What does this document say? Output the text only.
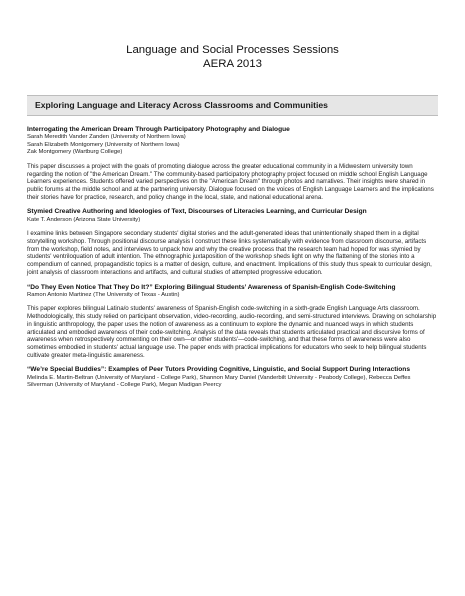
Language and Social Processes Sessions

AERA 2013

Exploring Language and Literacy Across Classrooms and Communities

Interrogating the American Dream Through Participatory Photography and Dialogue

Sarah Meredith Vander Zanden (University of Northern Iowa)

Sarah Elizabeth Montgomery (University of Northern Iowa)

Zak Montgomery (Wartburg College)

This paper discusses a project with the goals of promoting dialogue across the greater educational community in a Midwestern university town regarding the notion of "the American Dream." The community-based participatory photography project focused on middle school English Language Learners experiences. Students offered varied perspectives on the "American Dream" through photos and narratives. Their insights were shared in public forums at the middle school and at the partnering university. Dialogue focused on the voices of English Language Learners and the implications their stories have for practice, research, and policy change in the local, state, and national educational arena.

Stymied Creative Authoring and Ideologies of Text, Discourses of Literacies Learning, and Curricular Design

Kate T. Anderson (Arizona State University)

I examine links between Singapore secondary students' digital stories and the adult-generated ideas that unintentionally shaped them in a digital storytelling workshop. Through positional discourse analysis I construct these links systematically with evidence from classroom discourse, artifacts from the workshop, field notes, and interviews to unpack how and why the creative process that the research team had hoped for was stymied by students' ventriloquation of adult intention. The ethnographic juxtaposition of the workshop sheds light on why the flattening of the stories into a compendium of canned, propagandistic topics is a matter of design, culture, and enactment. Implications of this study thus speak to curricular design, joint analysis of classroom interactions and artifacts, and cultural studies of attempted progressive education.

“Do They Even Notice That They Do It?” Exploring Bilingual Students’ Awareness of Spanish-English Code-Switching

Ramon Antonio Martinez (The University of Texas - Austin)

This paper explores bilingual Latina/o students' awareness of Spanish-English code-switching in a sixth-grade English Language Arts classroom. Methodologically, this study relied on participant observation, video-recording, audio-recording, and semi-structured interviews. Drawing on scholarship in linguistic anthropology, the paper uses the notion of awareness as a continuum to explore the dynamic and nuanced ways in which students articulated and embodied awareness of their code-switching. Analysis of the data reveals that students articulated practical and discursive forms of awareness when retrospectively commenting on their own—or other students'—code-switching, and that these forms of awareness were also sometimes embodied in students' actual language use. The paper ends with practical implications for educators who seek to help bilingual students cultivate greater meta-linguistic awareness.

“We’re Special Buddies”: Examples of Peer Tutors Providing Cognitive, Linguistic, and Social Support During Interactions

Melinda E. Martin-Beltran (University of Maryland - College Park), Shannon Mary Daniel (Vanderbilt University - Peabody College), Rebecca Deffes Silverman (University of Maryland - College Park), Megan Madigan Peercy
